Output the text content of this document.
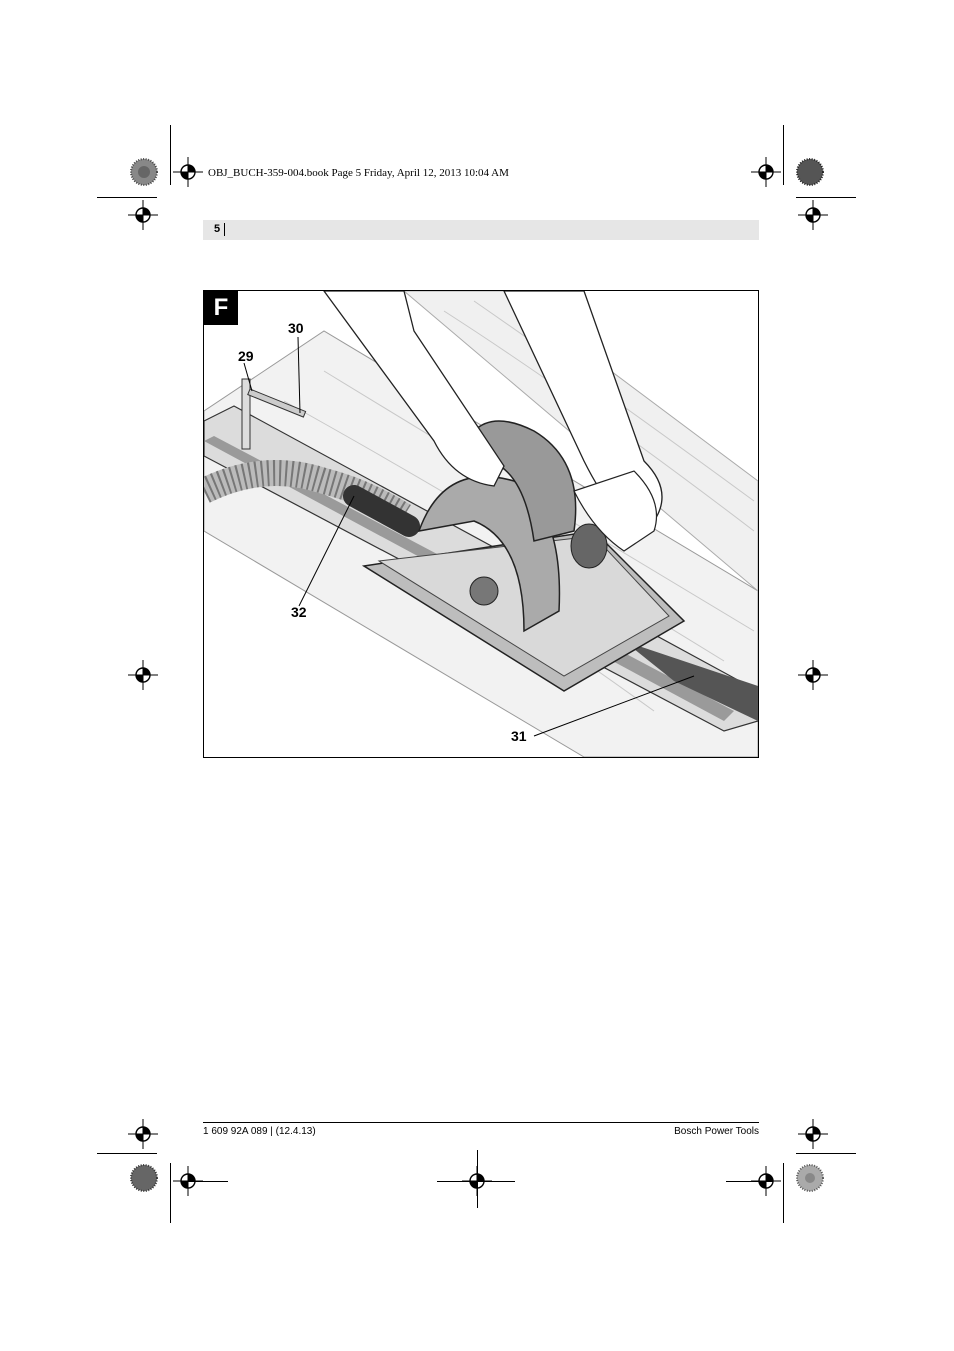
OBJ_BUCH-359-004.book Page 5 Friday, April 12, 2013 10:04 AM
5
F
29
30
31
32
1 609 92A 089 | (12.4.13)	Bosch Power Tools
